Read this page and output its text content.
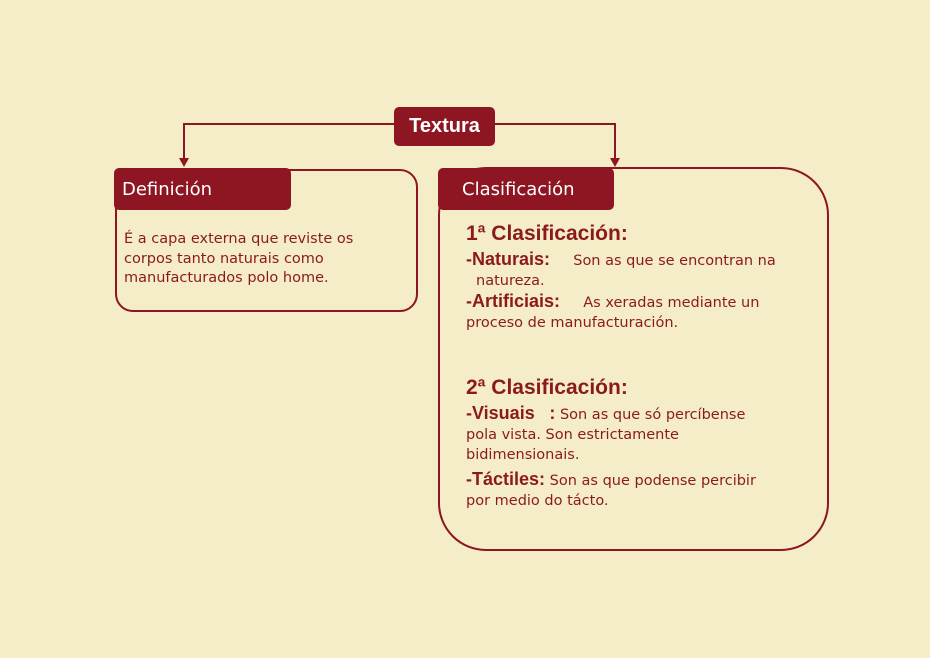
Textura
Definición
É a capa externa que reviste os corpos tanto naturais como manufacturados polo home.
Clasificación
1ª Clasificación:
-Naturais: Son as que se encontran na
natureza.
-Artificiais: As xeradas mediante un
proceso de manufacturación.
2ª Clasificación:
-Visuais : Son as que só percíbense
pola vista. Son estrictamente
bidimensionais.
-Táctiles: Son as que podense percibir
por medio do tácto.
